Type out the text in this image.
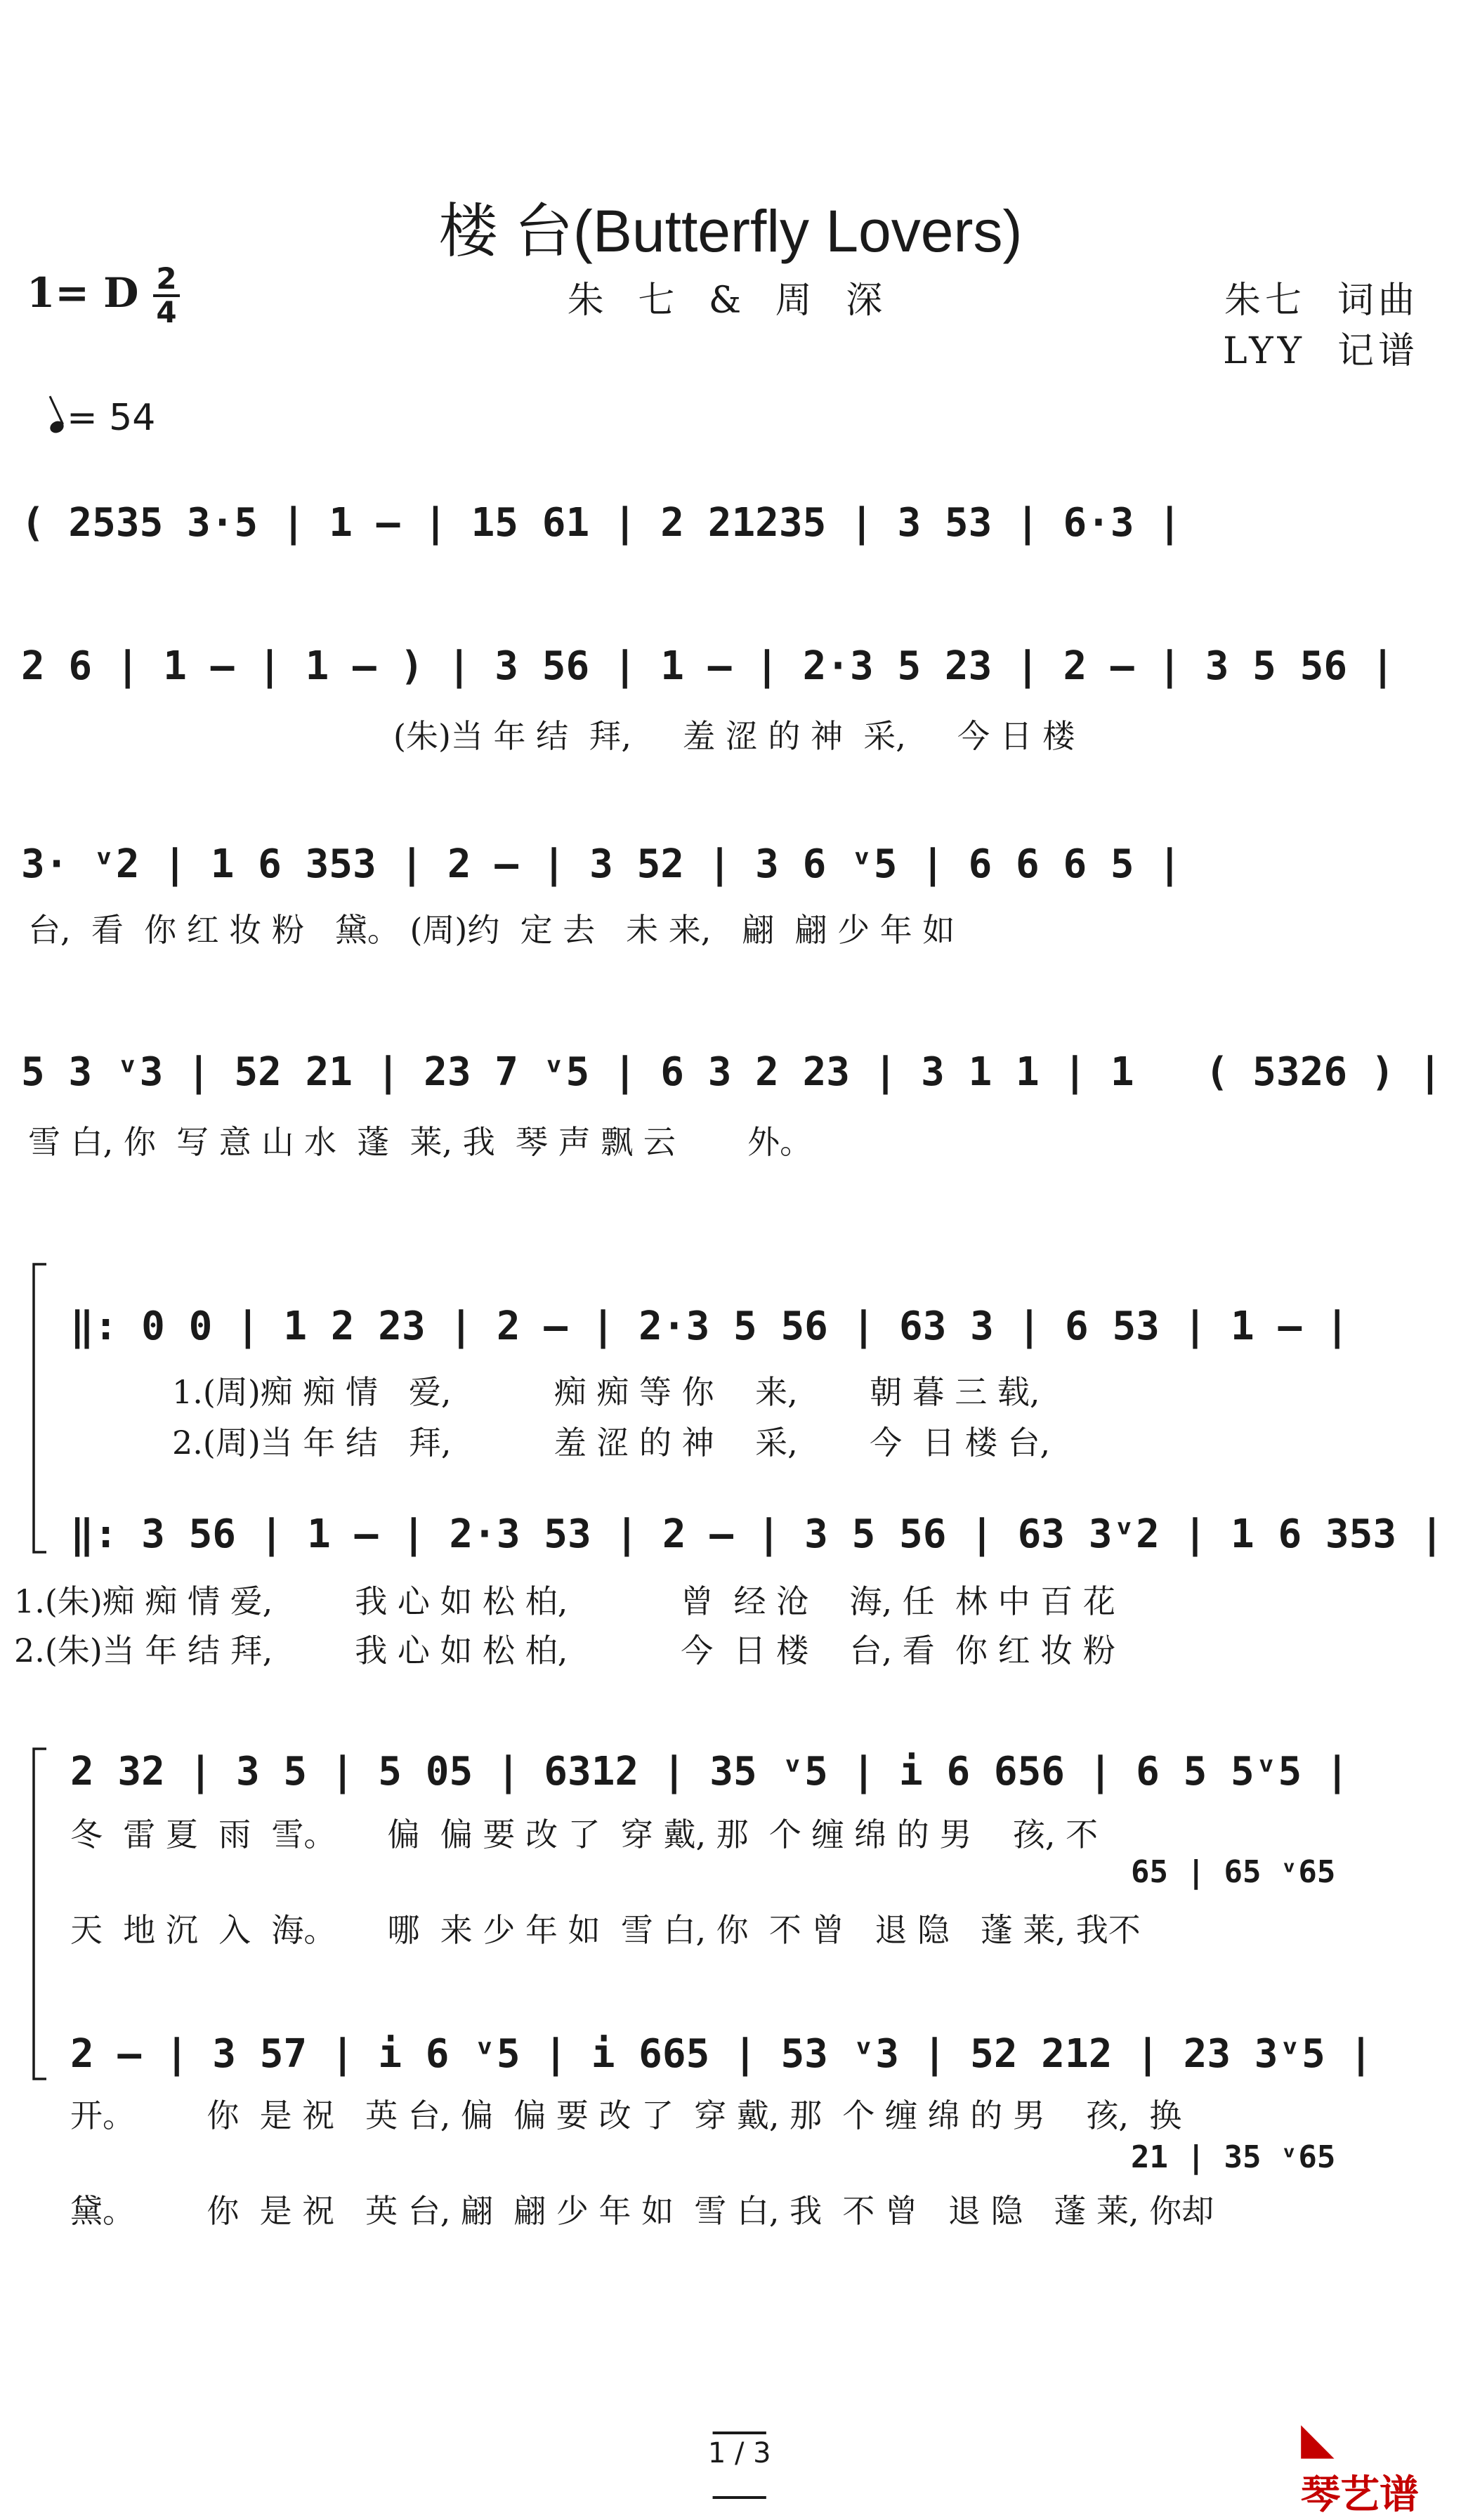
楼 台(Butterfly Lovers)
1= D 2
4

= 54

朱 七 & 周 深	朱七  词曲
LYY  记谱
( 2535 3·5 | 1 – | 15 61 | 2 21235 | 3 53 | 6·3 |
2 6 | 1 – | 1 – ) | 3 56 | 1 – | 2·3 5 23 | 2 – | 3 5 56 |
(朱)当 年 结  拜,     羞 涩 的 神  采,     今 日 楼
3· ᵛ2 | 1 6 353 | 2 – | 3 52 | 3 6 ᵛ5 | 6 6 6 5 |
台,  看  你 红 妆 粉   黛。 (周)约  定 去   未 来,   翩  翩 少 年 如
5 3 ᵛ3 | 52 21 | 23 7 ᵛ5 | 6 3 2 23 | 3 1 1 | 1   ( 5326 ) |
雪 白, 你  写 意 山 水  蓬  莱, 我  琴 声 飘 云       外。
‖: 0 0 | 1 2 23 | 2 – | 2·3 5 56 | 63 3 | 6 53 | 1 – |
1.(周)痴 痴 情   爱,          痴 痴 等 你    来,       朝 暮 三 载,
2.(周)当 年 结   拜,          羞 涩 的 神    采,       今  日 楼 台,
‖: 3 56 | 1 – | 2·3 53 | 2 – | 3 5 56 | 63 3ᵛ2 | 1 6 353 |
1.(朱)痴 痴 情 爱,        我 心 如 松 柏,           曾  经 沧    海, 任  林 中 百 花
2.(朱)当 年 结 拜,        我 心 如 松 柏,           今  日 楼    台, 看  你 红 妆 粉
2 32 | 3 5 | 5 05 | 6312 | 35 ᵛ5 | i 6 656 | 6 5 5ᵛ5 |
冬  雷 夏  雨  雪。     偏  偏 要 改 了  穿 戴, 那  个 缠 绵 的 男    孩, 不
65 | 65 ᵛ65
天  地 沉  入  海。     哪  来 少 年 如  雪 白, 你  不 曾   退 隐   蓬 莱, 我不
2 – | 3 57 | i 6 ᵛ5 | i 665 | 53 ᵛ3 | 52 212 | 23 3ᵛ5 |
开。       你  是 祝   英 台, 偏  偏 要 改 了  穿 戴, 那  个 缠 绵 的 男    孩,  换
21 | 35 ᵛ65
黛。       你  是 祝   英 台, 翩  翩 少 年 如  雪 白, 我  不 曾   退 隐   蓬 莱, 你却

1 / 3
	◣
琴艺谱
